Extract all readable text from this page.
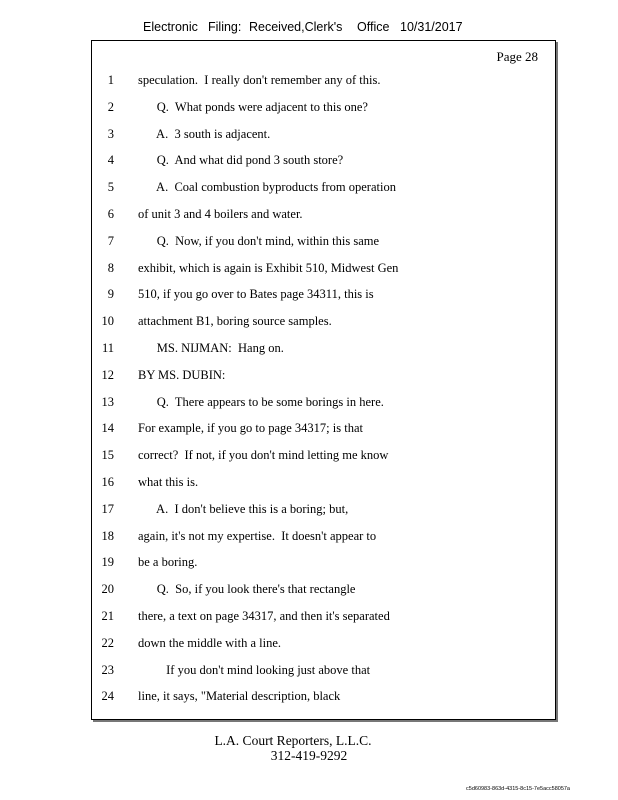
Electronic Filing: Received,Clerk's Office 10/31/2017
Page 28
1 speculation.  I really don't remember any of this.
2 Q.  What ponds were adjacent to this one?
3 A.  3 south is adjacent.
4 Q.  And what did pond 3 south store?
5 A.  Coal combustion byproducts from operation
6 of unit 3 and 4 boilers and water.
7 Q.  Now, if you don't mind, within this same
8 exhibit, which is again is Exhibit 510, Midwest Gen
9 510, if you go over to Bates page 34311, this is
10 attachment B1, boring source samples.
11 MS. NIJMAN:  Hang on.
12 BY MS. DUBIN:
13 Q.  There appears to be some borings in here.
14 For example, if you go to page 34317; is that
15 correct?  If not, if you don't mind letting me know
16 what this is.
17 A.  I don't believe this is a boring; but,
18 again, it's not my expertise.  It doesn't appear to
19 be a boring.
20 Q.  So, if you look there's that rectangle
21 there, a text on page 34317, and then it's separated
22 down the middle with a line.
23 If you don't mind looking just above that
24 line, it says, "Material description, black
L.A. Court Reporters, L.L.C.
312-419-9292
c5d60983-863d-4315-8c15-7e5acc58057a
